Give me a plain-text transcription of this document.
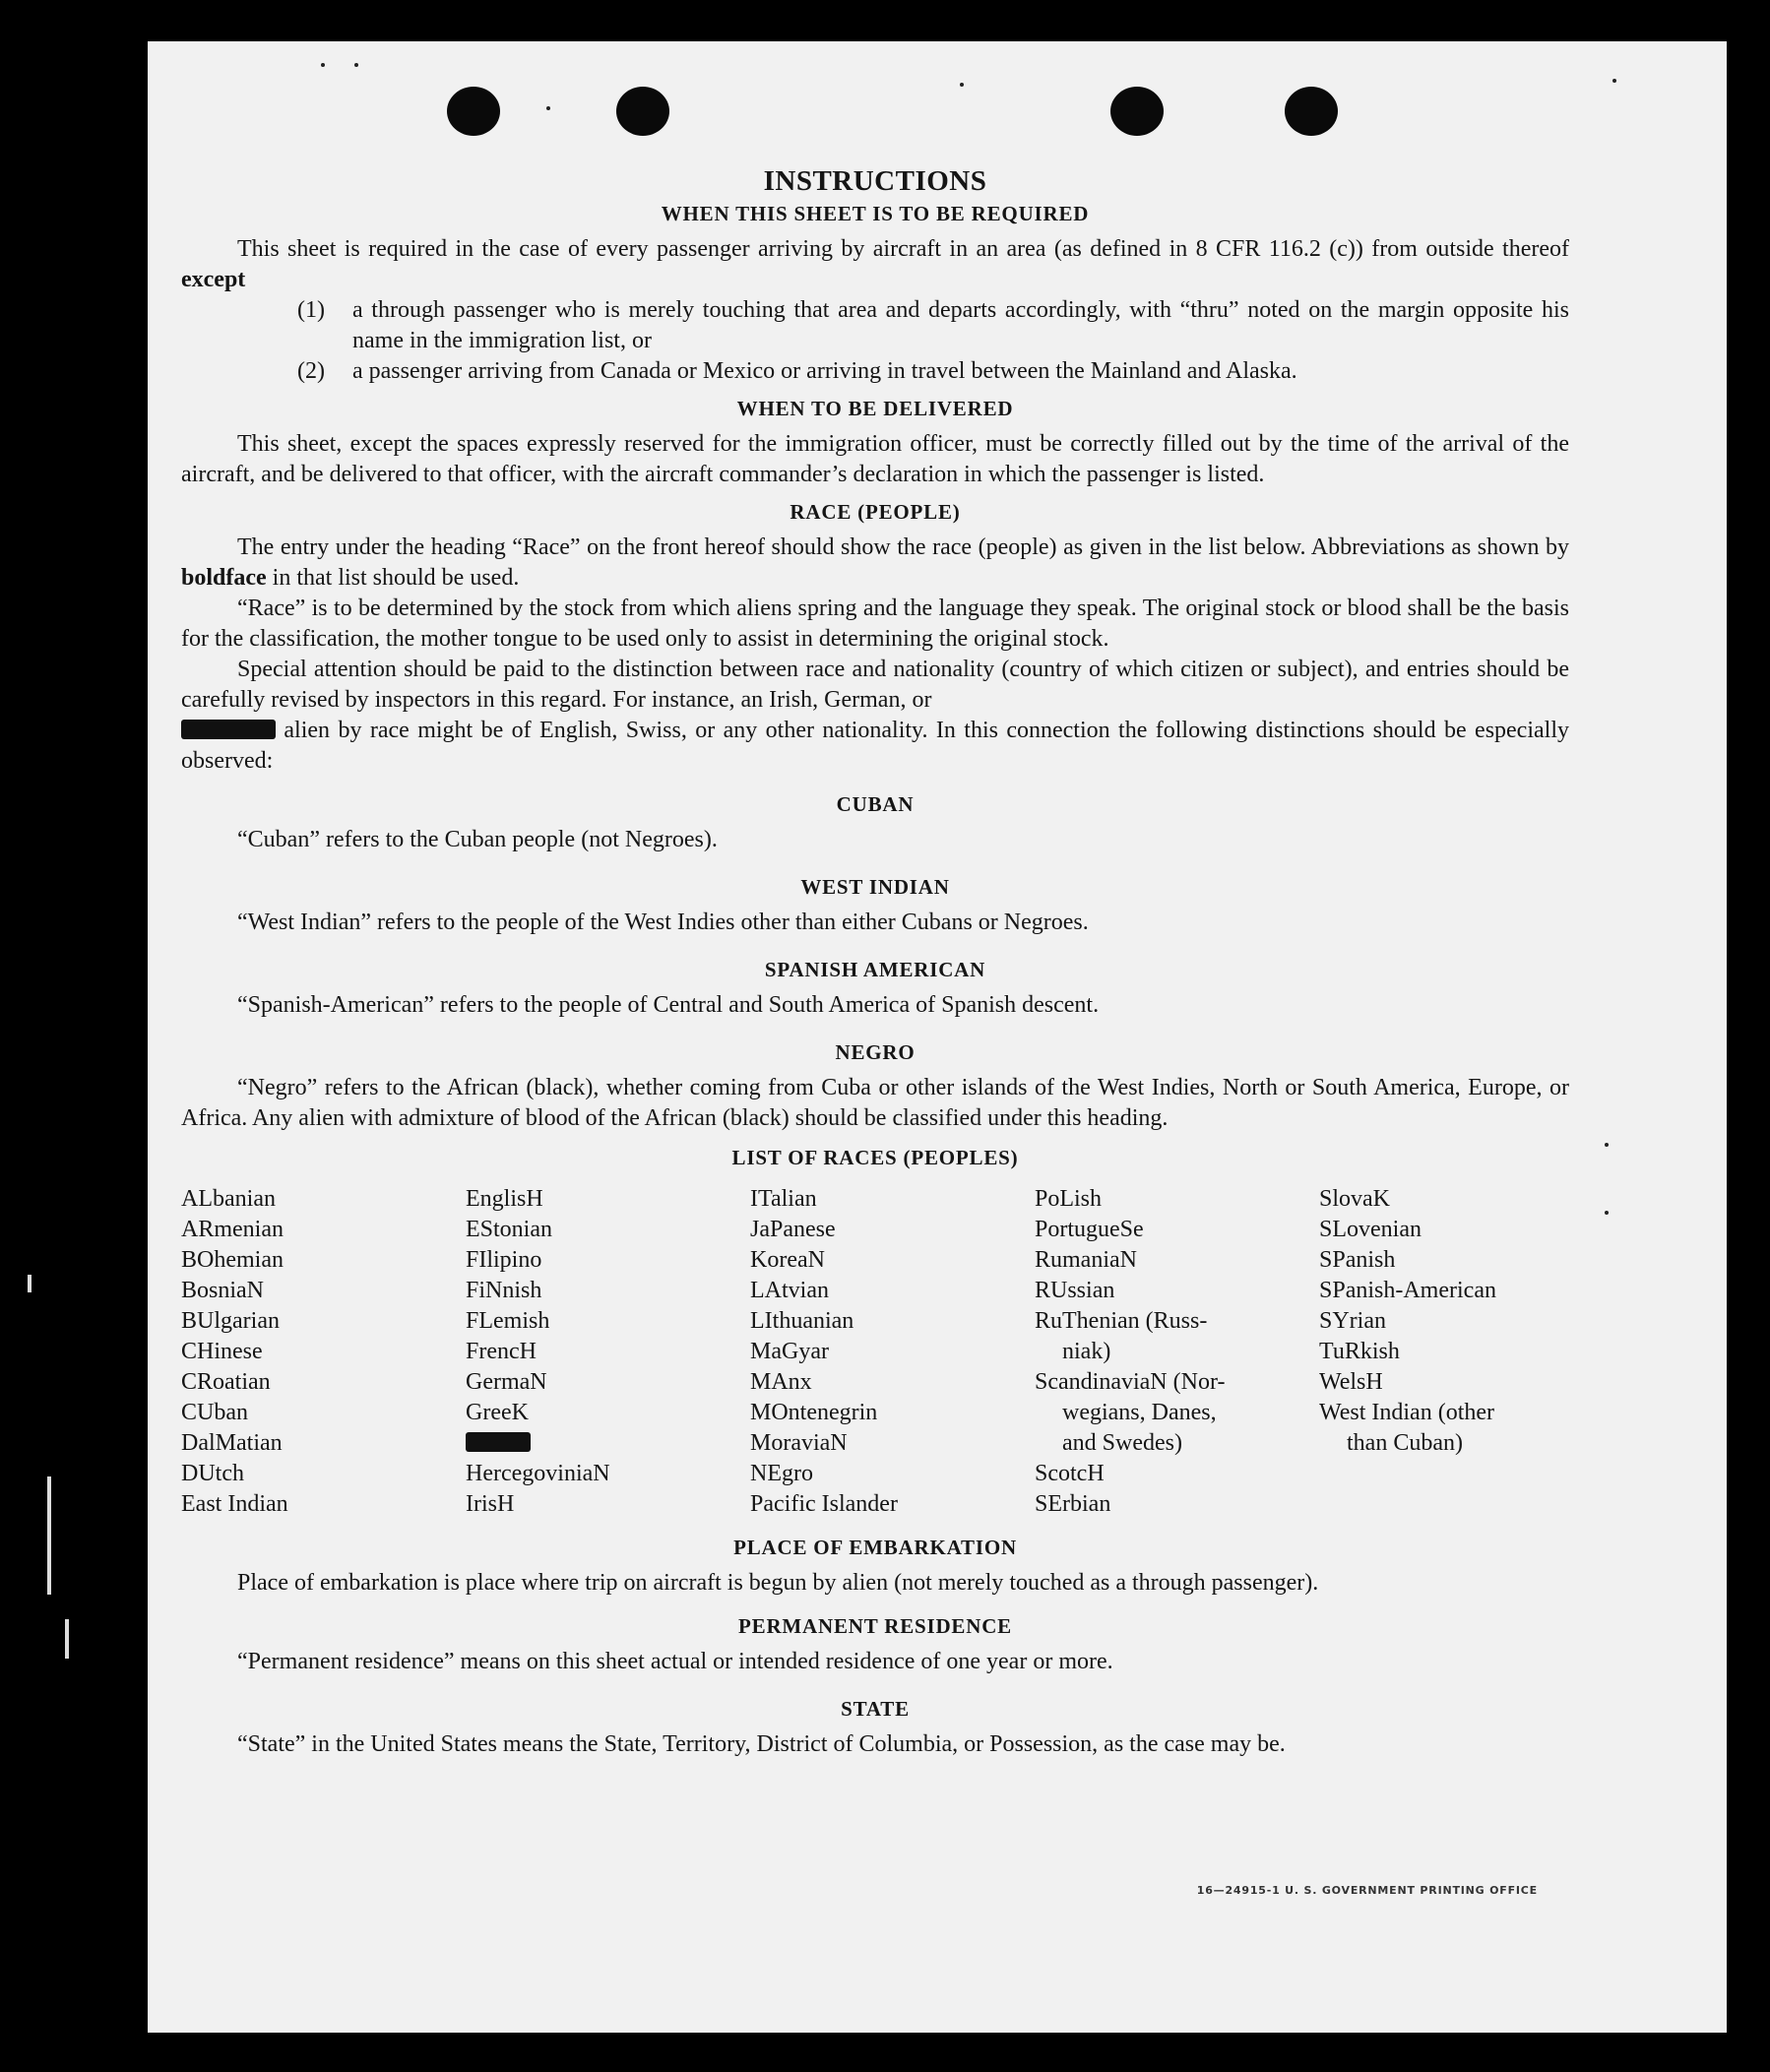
INSTRUCTIONS
WHEN THIS SHEET IS TO BE REQUIRED

This sheet is required in the case of every passenger arriving by aircraft in an area (as defined in 8 CFR 116.2 (c)) from outside thereof except

(1)	a through passenger who is merely touching that area and departs accordingly, with “thru” noted on the margin opposite his name in the immigration list, or
(2)	a passenger arriving from Canada or Mexico or arriving in travel between the Mainland and Alaska.
WHEN TO BE DELIVERED

This sheet, except the spaces expressly reserved for the immigration officer, must be correctly filled out by the time of the arrival of the aircraft, and be delivered to that officer, with the aircraft commander’s declaration in which the passenger is listed.

RACE (PEOPLE)

The entry under the heading “Race” on the front hereof should show the race (people) as given in the list below. Abbreviations as shown by boldface in that list should be used.

“Race” is to be determined by the stock from which aliens spring and the language they speak. The original stock or blood shall be the basis for the classification, the mother tongue to be used only to assist in determining the original stock.

Special attention should be paid to the distinction between race and nationality (country of which citizen or subject), and entries should be carefully revised by inspectors in this regard. For instance, an Irish, German, or
alien by race might be of English, Swiss, or any other nationality. In this connection the following distinctions should be especially observed:

CUBAN

“Cuban” refers to the Cuban people (not Negroes).

WEST INDIAN

“West Indian” refers to the people of the West Indies other than either Cubans or Negroes.

SPANISH AMERICAN

“Spanish-American” refers to the people of Central and South America of Spanish descent.

NEGRO

“Negro” refers to the African (black), whether coming from Cuba or other islands of the West Indies, North or South America, Europe, or Africa. Any alien with admixture of blood of the African (black) should be classified under this heading.

LIST OF RACES (PEOPLES)
ALbanian
ARmenian
BOhemian
BosniaN
BUlgarian
CHinese
CRoatian
CUban
DalMatian
DUtch
East Indian
EnglisH
EStonian
FIlipino
FiNnish
FLemish
FrencH
GermaN
GreeK
HercegoviniaN
IrisH
ITalian
JaPanese
KoreaN
LAtvian
LIthuanian
MaGyar
MAnx
MOntenegrin
MoraviaN
NEgro
Pacific Islander
PoLish
PortugueSe
RumaniaN
RUssian
RuThenian (Russ-
niak)
ScandinaviaN (Nor-
wegians, Danes,
and Swedes)
ScotcH
SErbian
SlovaK
SLovenian
SPanish
SPanish-American
SYrian
TuRkish
WelsH
West Indian (other
than Cuban)
PLACE OF EMBARKATION

Place of embarkation is place where trip on aircraft is begun by alien (not merely touched as a through passenger).

PERMANENT RESIDENCE

“Permanent residence” means on this sheet actual or intended residence of one year or more.

STATE

“State” in the United States means the State, Territory, District of Columbia, or Possession, as the case may be.

16—24915-1 U. S. GOVERNMENT PRINTING OFFICE
